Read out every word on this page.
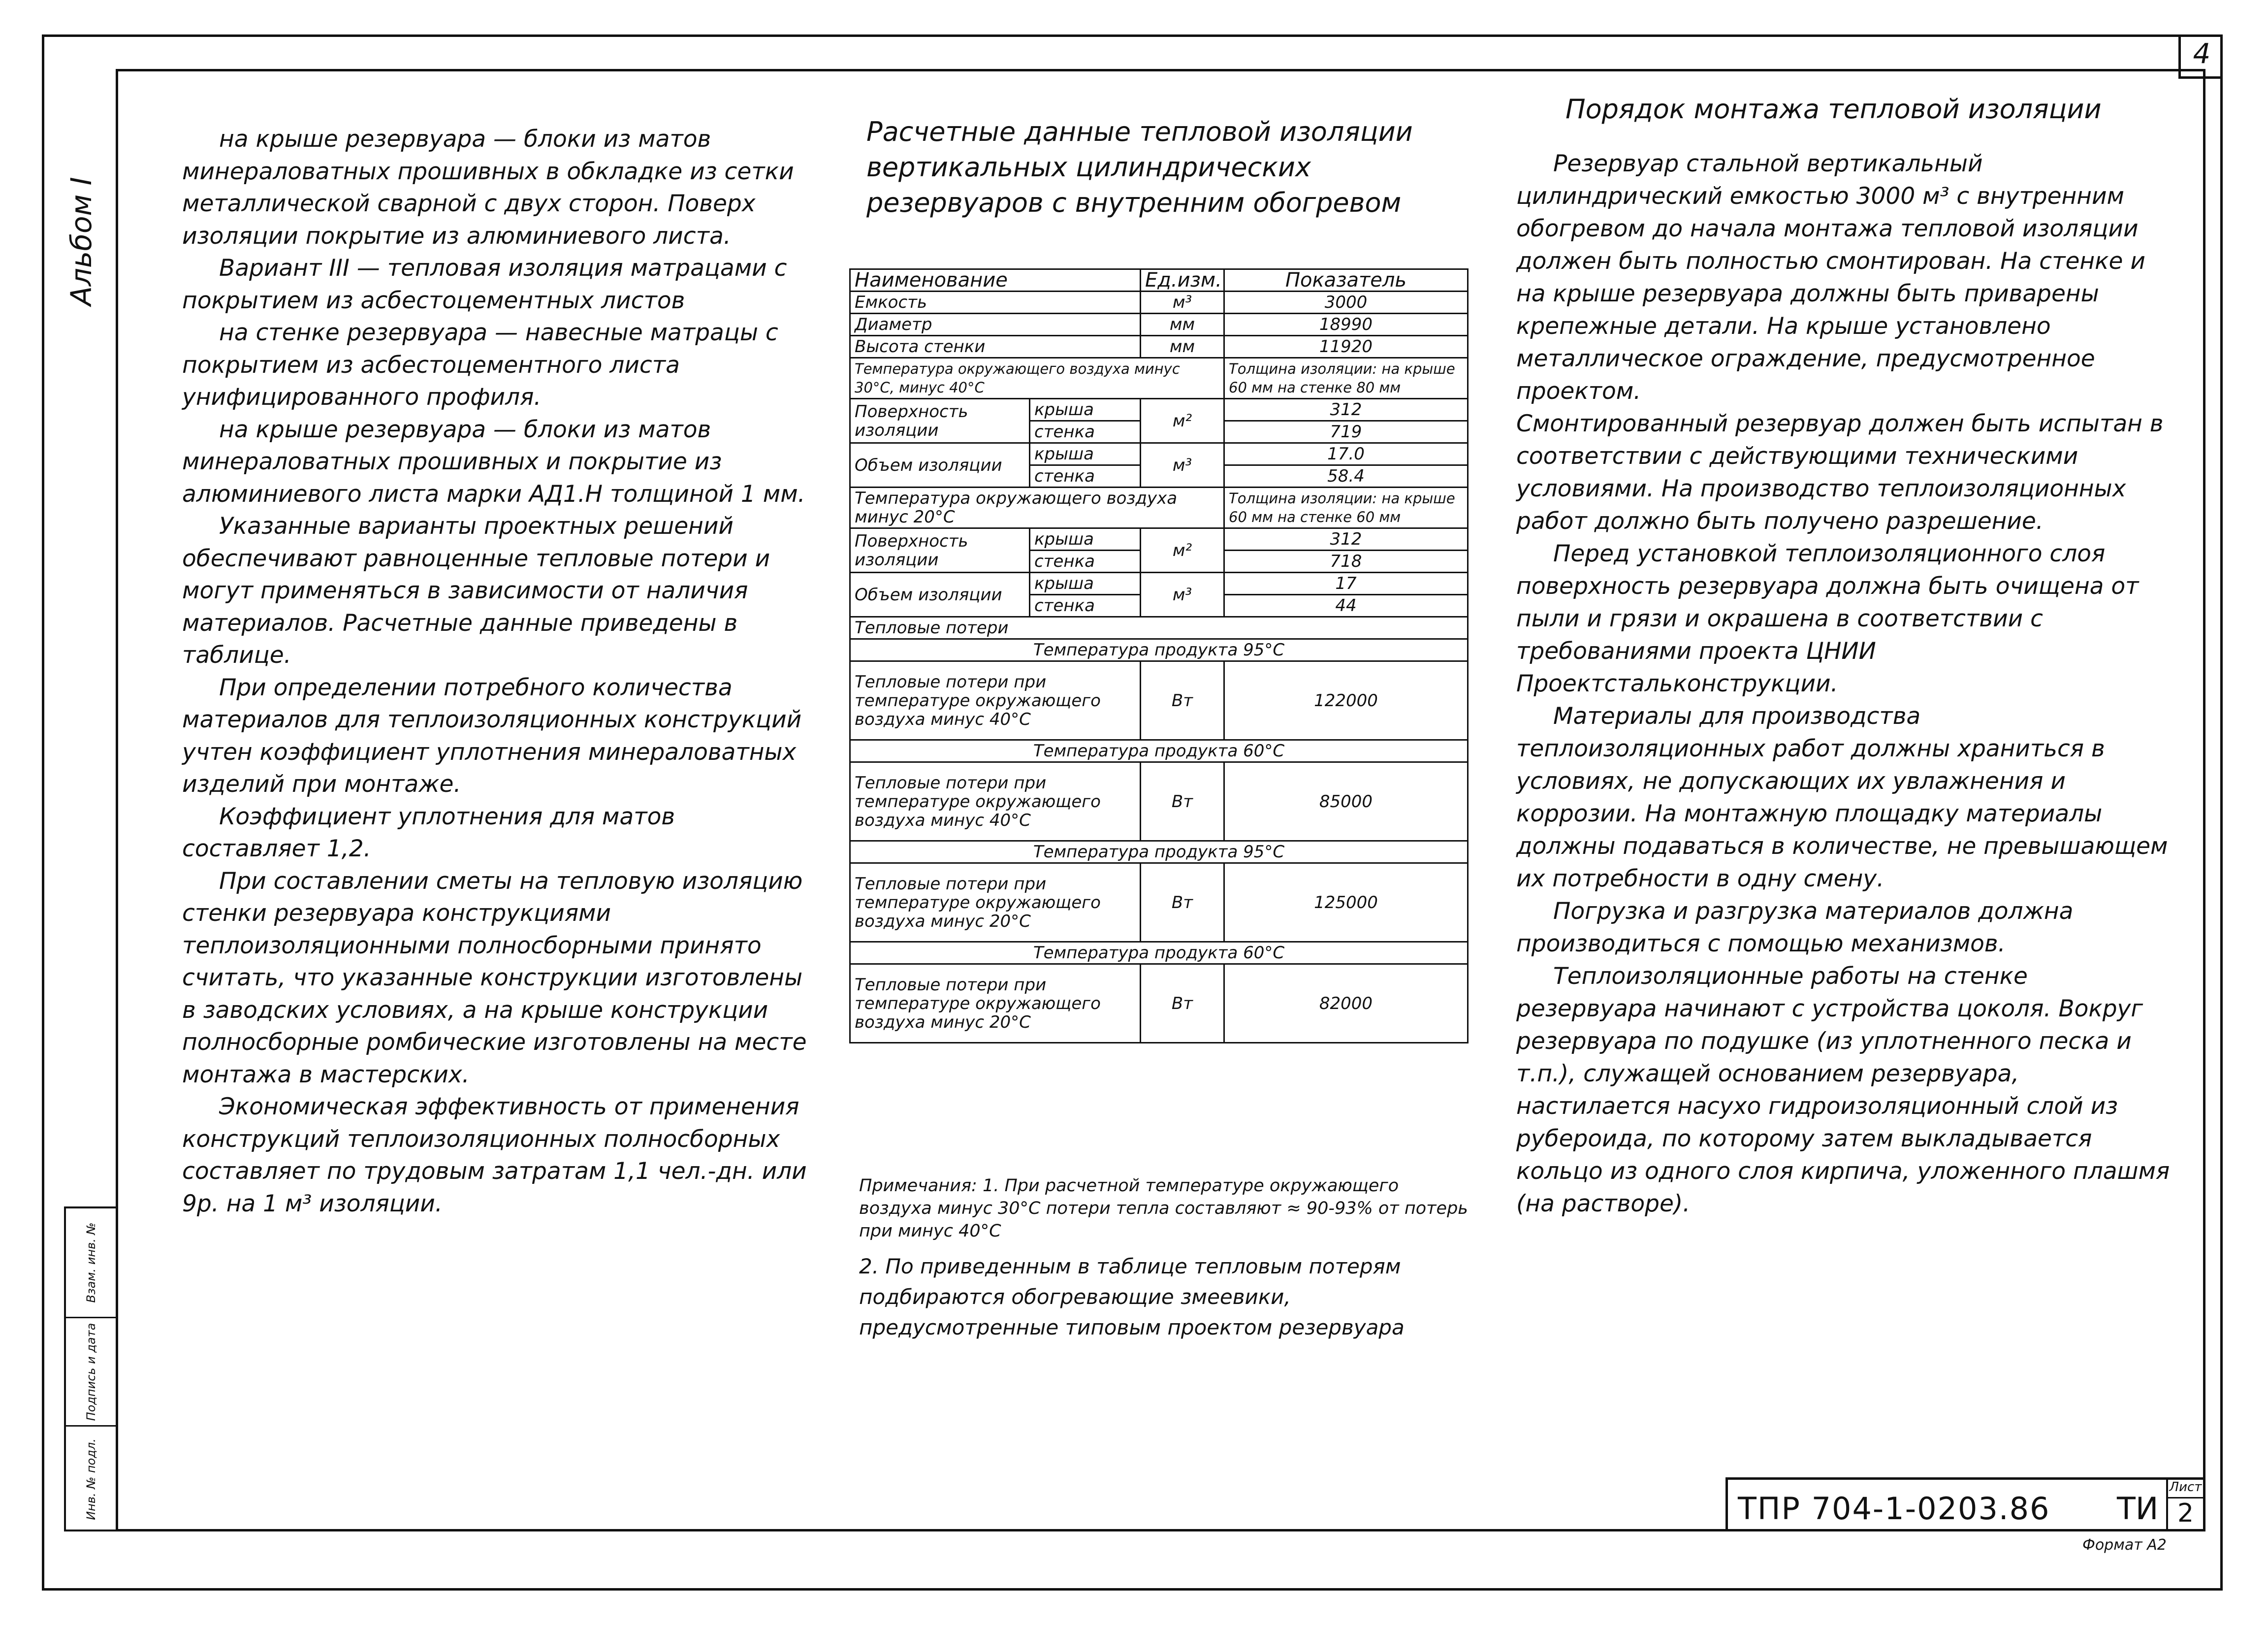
4
Альбом I
Взам. инв. №
Подпись и дата
Инв. № подл.

на крыше резервуара — блоки из матов минераловатных прошивных в обкладке из сетки металлической сварной с двух сторон. Поверх изоляции покрытие из алюминиевого листа.

Вариант III — тепловая изоляция матрацами с покрытием из асбестоцементных листов

на стенке резервуара — навесные матрацы с покрытием из асбестоцементного листа унифицированного профиля.

на крыше резервуара — блоки из матов минераловатных прошивных и покрытие из алюминиевого листа марки АД1.Н толщиной 1 мм.

Указанные варианты проектных решений обеспечивают равноценные тепловые потери и могут применяться в зависимости от наличия материалов. Расчетные данные приведены в таблице.

При определении потребного количества материалов для теплоизоляционных конструкций учтен коэффициент уплотнения минераловатных изделий при монтаже.

Коэффициент уплотнения для матов составляет 1,2.

При составлении сметы на тепловую изоляцию стенки резервуара конструкциями теплоизоляционными полносборными принято считать, что указанные конструкции изготовлены в заводских условиях, а на крыше конструкции полносборные ромбические изготовлены на месте монтажа в мастерских.

Экономическая эффективность от применения конструкций теплоизоляционных полносборных составляет по трудовым затратам 1,1 чел.-дн. или 9р. на 1 м³ изоляции.

Расчетные данные тепловой изоляции вертикальных цилиндрических резервуаров с внутренним обогревом
Наименование		Ед.изм.	Показатель
Емкость		м³	3000
Диаметр		мм	18990
Высота стенки		мм	11920
Температура окружающего воздуха минус 30°С, минус 40°С			Толщина изоляции: на крыше 60 мм на стенке 80 мм
Поверхность изоляции	крыша	м²	312
	стенка		719
Объем изоляции	крыша	м³	17.0
	стенка		58.4
Температура окружающего воздуха минус 20°С			Толщина изоляции: на крыше 60 мм на стенке 60 мм
Поверхность изоляции	крыша	м²	312
	стенка		718
Объем изоляции	крыша	м³	17
	стенка		44
Тепловые потери			
Температура продукта 95°С			
Тепловые потери при температуре окружающего воздуха минус 40°С		Вт	122000
Температура продукта 60°С			
Тепловые потери при температуре окружающего воздуха минус 40°С		Вт	85000
Температура продукта 95°С			
Тепловые потери при температуре окружающего воздуха минус 20°С		Вт	125000
Температура продукта 60°С			
Тепловые потери при температуре окружающего воздуха минус 20°С		Вт	82000

Примечания: 1. При расчетной температуре окружающего воздуха минус 30°С потери тепла составляют ≈ 90-93% от потерь при минус 40°С

2. По приведенным в таблице тепловым потерям подбираются обогревающие змеевики, предусмотренные типовым проектом резервуара

Порядок монтажа тепловой изоляции

Резервуар стальной вертикальный цилиндрический емкостью 3000 м³ с внутренним обогревом до начала монтажа тепловой изоляции должен быть полностью смонтирован. На стенке и на крыше резервуара должны быть приварены крепежные детали. На крыше установлено металлическое ограждение, предусмотренное проектом.

Смонтированный резервуар должен быть испытан в соответствии с действующими техническими условиями. На производство теплоизоляционных работ должно быть получено разрешение.

Перед установкой теплоизоляционного слоя поверхность резервуара должна быть очищена от пыли и грязи и окрашена в соответствии с требованиями проекта ЦНИИ Проектстальконструкции.

Материалы для производства теплоизоляционных работ должны храниться в условиях, не допускающих их увлажнения и коррозии. На монтажную площадку материалы должны подаваться в количестве, не превышающем их потребности в одну смену.

Погрузка и разгрузка материалов должна производиться с помощью механизмов.

Теплоизоляционные работы на стенке резервуара начинают с устройства цоколя. Вокруг резервуара по подушке (из уплотненного песка и т.п.), служащей основанием резервуара, настилается насухо гидроизоляционный слой из рубероида, по которому затем выкладывается кольцо из одного слоя кирпича, уложенного плашмя (на растворе).

ТПР 704-1-0203.86 ТИ
Лист
2
Формат А2
